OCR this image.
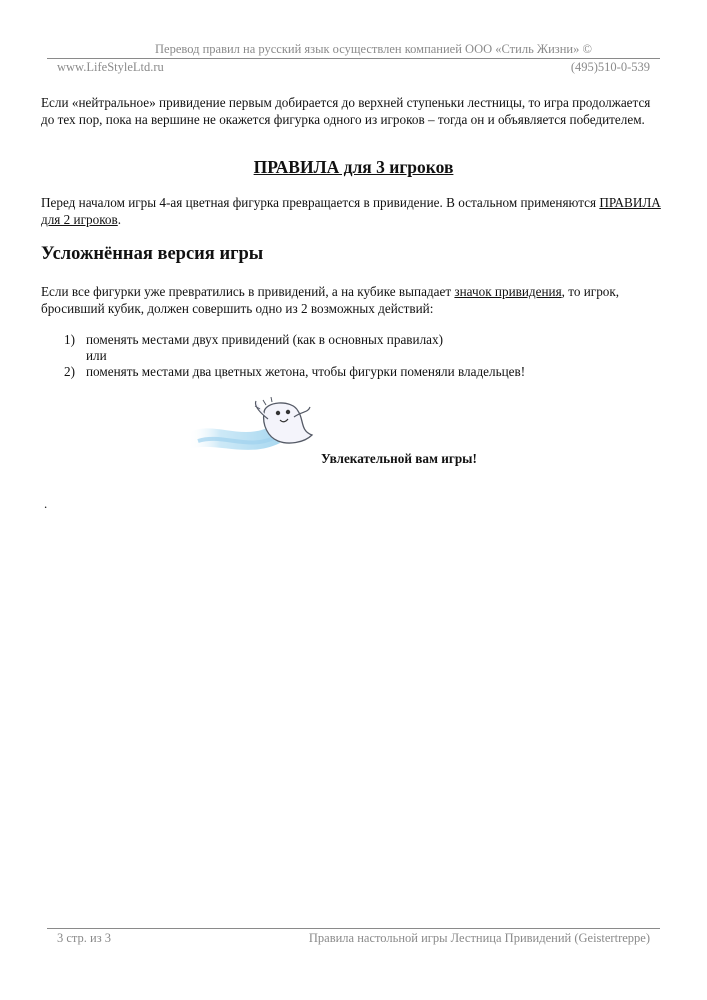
Перевод правил на русский язык осуществлен компанией ООО «Стиль Жизни» ©
www.LifeStyleLtd.ru	(495)510-0-539
Если «нейтральное» привидение первым добирается до верхней ступеньки лестницы, то игра продолжается до тех пор, пока на вершине не окажется фигурка одного из игроков – тогда он и объявляется победителем.
ПРАВИЛА для 3 игроков
Перед началом игры 4-ая цветная фигурка превращается в привидение. В остальном применяются ПРАВИЛА для 2 игроков.
Усложнённая версия игры
Если все фигурки уже превратились в привидений, а на кубике выпадает значок привидения, то игрок, бросивший кубик, должен совершить одно из 2 возможных действий:
1) поменять местами двух привидений (как в основных правилах)
или
2) поменять местами два цветных жетона, чтобы фигурки поменяли владельцев!
Увлекательной вам игры!
.
3 стр. из 3	Правила настольной игры Лестница Привидений (Geistertreppe)
